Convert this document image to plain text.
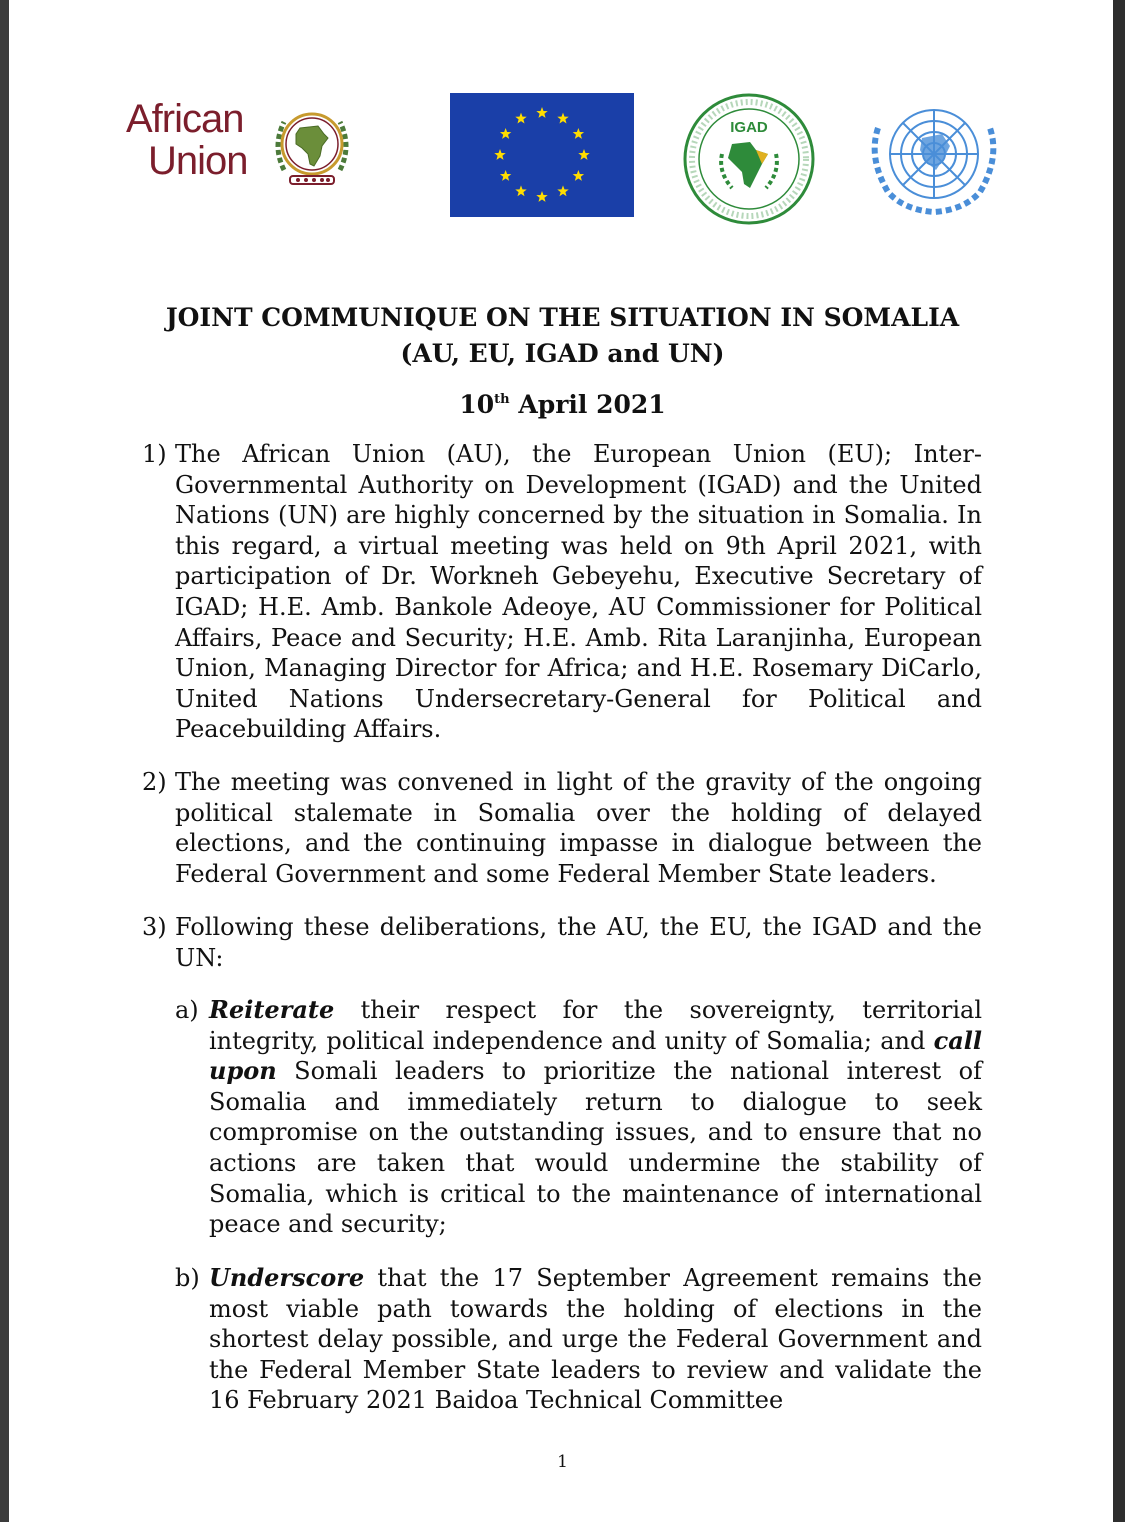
African
Union
IGAD
JOINT COMMUNIQUE ON THE SITUATION IN SOMALIA
(AU, EU, IGAD and UN)
10th April 2021
1) The African Union (AU), the European Union (EU); Inter-Governmental Authority on Development (IGAD) and the United Nations (UN) are highly concerned by the situation in Somalia. In this regard, a virtual meeting was held on 9th April 2021, with participation of Dr. Workneh Gebeyehu, Executive Secretary of IGAD; H.E. Amb. Bankole Adeoye, AU Commissioner for Political Affairs, Peace and Security; H.E. Amb. Rita Laranjinha, European Union, Managing Director for Africa; and H.E. Rosemary DiCarlo, United Nations Undersecretary-General for Political and Peacebuilding Affairs.
2) The meeting was convened in light of the gravity of the ongoing political stalemate in Somalia over the holding of delayed elections, and the continuing impasse in dialogue between the Federal Government and some Federal Member State leaders.
3) Following these deliberations, the AU, the EU, the IGAD and the UN:
a) Reiterate their respect for the sovereignty, territorial integrity, political independence and unity of Somalia; and call upon Somali leaders to prioritize the national interest of Somalia and immediately return to dialogue to seek compromise on the outstanding issues, and to ensure that no actions are taken that would undermine the stability of Somalia, which is critical to the maintenance of international peace and security;
b) Underscore that the 17 September Agreement remains the most viable path towards the holding of elections in the shortest delay possible, and urge the Federal Government and the Federal Member State leaders to review and validate the 16 February 2021 Baidoa Technical Committee
1
